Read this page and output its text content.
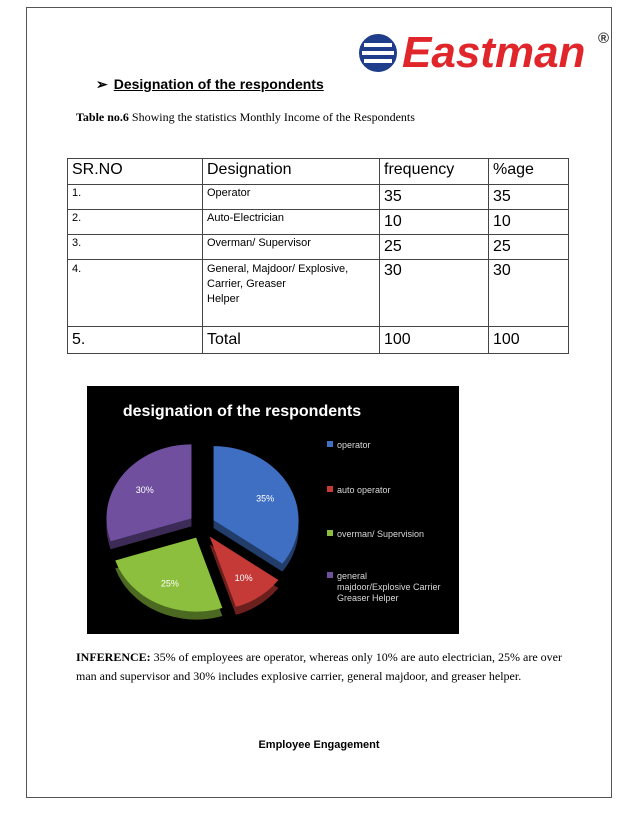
Eastman ®
➢ Designation of the respondents
Table no.6 Showing the statistics Monthly Income of the Respondents
SR.NO	Designation	frequency	%age
1.	Operator	35	35
2.	Auto-Electrician	10	10
3.	Overman/ Supervisor	25	25
4.	General, Majdoor/ Explosive,
Carrier, Greaser
Helper	30	30
5.	Total	100	100
designation of the respondents
35%
10%
25%
30%
operator
auto operator
overman/ Supervision
general
majdoor/Explosive Carrier
Greaser Helper
INFERENCE: 35% of employees are operator, whereas only 10% are auto electrician, 25% are over man and supervisor and 30% includes explosive carrier, general majdoor, and greaser helper.
Employee Engagement
